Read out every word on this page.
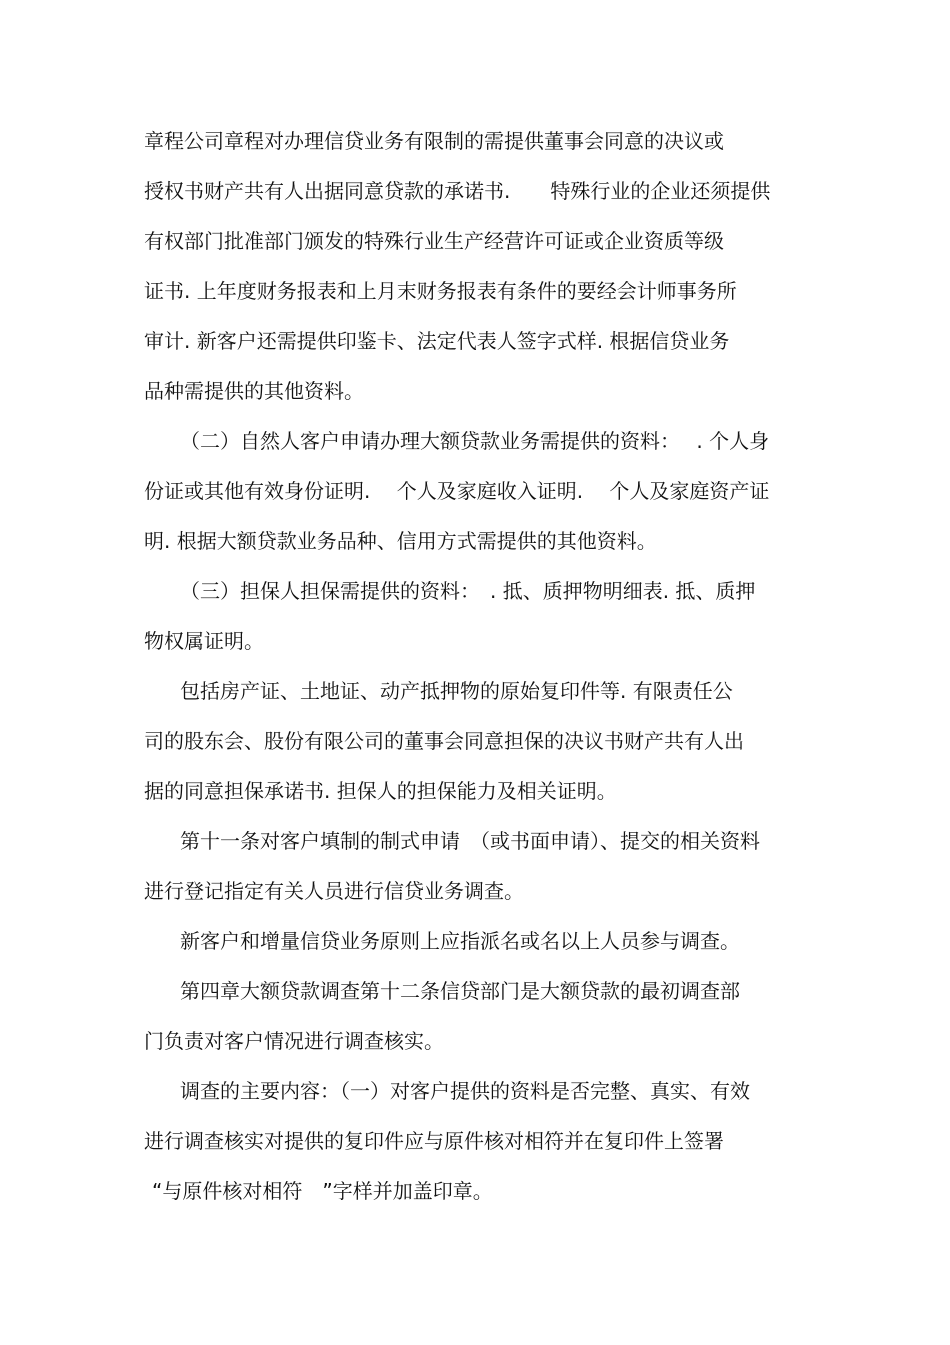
章程公司章程对办理信贷业务有限制的需提供董事会同意的决议或
授权书财产共有人出据同意贷款的承诺书.　　特殊行业的企业还须提供
有权部门批准部门颁发的特殊行业生产经营许可证或企业资质等级
证书. 上年度财务报表和上月末财务报表有条件的要经会计师事务所
审计. 新客户还需提供印鉴卡、法定代表人签字式样. 根据信贷业务
品种需提供的其他资料。
（二）自然人客户申请办理大额贷款业务需提供的资料：　 . 个人身
份证或其他有效身份证明.　 个人及家庭收入证明.　 个人及家庭资产证
明. 根据大额贷款业务品种、信用方式需提供的其他资料。
（三）担保人担保需提供的资料：　. 抵、质押物明细表. 抵、质押
物权属证明。
包括房产证、土地证、动产抵押物的原始复印件等. 有限责任公
司的股东会、股份有限公司的董事会同意担保的决议书财产共有人出
据的同意担保承诺书. 担保人的担保能力及相关证明。
第十一条对客户填制的制式申请　（或书面申请）、提交的相关资料
进行登记指定有关人员进行信贷业务调查。
新客户和增量信贷业务原则上应指派名或名以上人员参与调查。
第四章大额贷款调查第十二条信贷部门是大额贷款的最初调查部
门负责对客户情况进行调查核实。
调查的主要内容：（一）对客户提供的资料是否完整、真实、有效
进行调查核实对提供的复印件应与原件核对相符并在复印件上签署
“与原件核对相符　”字样并加盖印章。
